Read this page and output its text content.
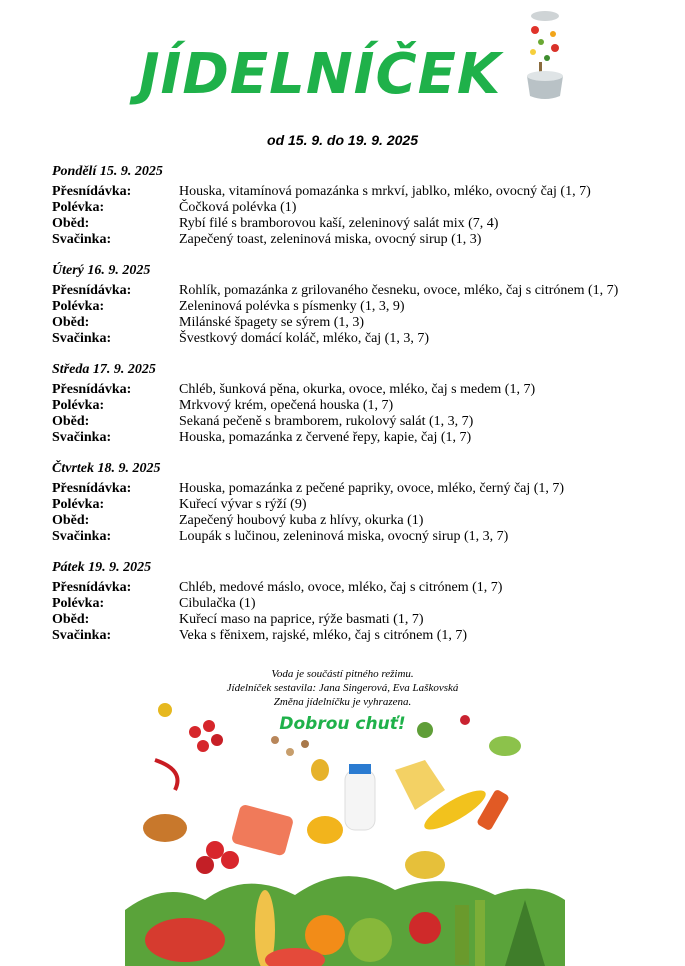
JÍDELNÍČEK
od 15. 9. do 19. 9. 2025
Pondělí 15. 9. 2025
Přesnídávka:	Houska, vitamínová pomazánka s mrkví, jablko, mléko, ovocný čaj (1, 7)
Polévka:	Čočková polévka (1)
Oběd:	Rybí filé s bramborovou kaší, zeleninový salát mix (7, 4)
Svačinka:	Zapečený toast, zeleninová miska, ovocný sirup (1, 3)
Úterý 16. 9. 2025
Přesnídávka:	Rohlík, pomazánka z grilovaného česneku, ovoce, mléko, čaj s citrónem (1, 7)
Polévka:	Zeleninová polévka s písmenky (1, 3, 9)
Oběd:	Milánské špagety se sýrem (1, 3)
Svačinka:	Švestkový domácí koláč, mléko, čaj (1, 3, 7)
Středa 17. 9. 2025
Přesnídávka:	Chléb, šunková pěna, okurka, ovoce, mléko, čaj s medem (1, 7)
Polévka:	Mrkvový krém, opečená houska (1, 7)
Oběd:	Sekaná pečeně s bramborem, rukolový salát (1, 3, 7)
Svačinka:	Houska, pomazánka z červené řepy, kapie, čaj (1, 7)
Čtvrtek 18. 9. 2025
Přesnídávka:	Houska, pomazánka z pečené papriky, ovoce, mléko, černý čaj (1, 7)
Polévka:	Kuřecí vývar s rýží (9)
Oběd:	Zapečený houbový kuba z hlívy, okurka (1)
Svačinka:	Loupák s lučinou, zeleninová miska, ovocný sirup (1, 3, 7)
Pátek 19. 9. 2025
Přesnídávka:	Chléb, medové máslo, ovoce, mléko, čaj s citrónem (1, 7)
Polévka:	Cibulačka (1)
Oběd:	Kuřecí maso na paprice, rýže basmati (1, 7)
Svačinka:	Veka s fěnixem, rajské, mléko, čaj s citrónem (1, 7)
Voda je součástí pitného režimu.
Jídelníček sestavila: Jana Singerová, Eva Laškovská
Změna jídelníčku je vyhrazena.
Dobrou chuť!
